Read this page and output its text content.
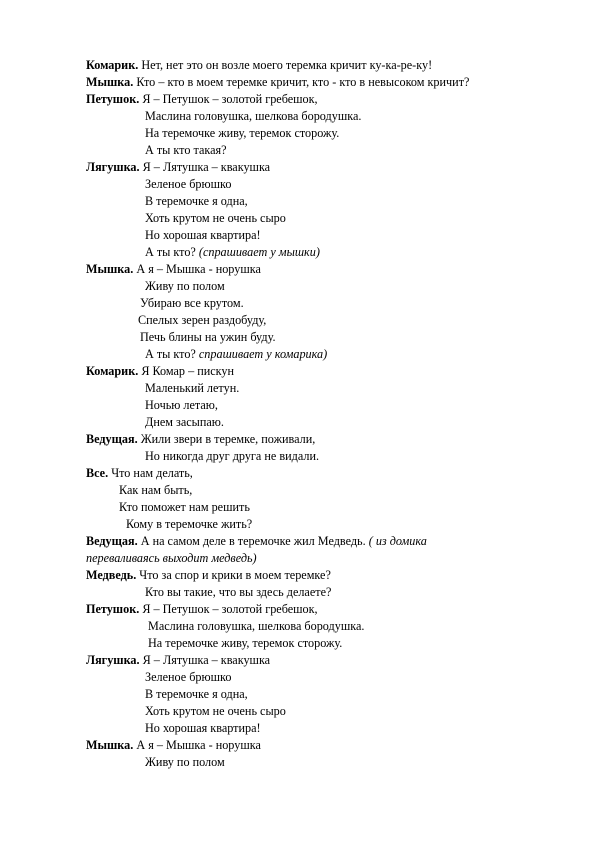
Комарик. Нет, нет это он возле моего теремка кричит ку-ка-ре-ку!
Мышка. Кто – кто в моем теремке кричит, кто - кто в невысоком кричит?
Петушок. Я – Петушок – золотой гребешок,
Маслина головушка, шелкова бородушка.
На теремочке живу, теремок сторожу.
А ты кто такая?
Лягушка. Я – Лятушка – квакушка
Зеленое брюшко
В теремочке я одна,
Хоть крутом не очень сыро
Но хорошая квартира!
А ты кто? (спрашивает у мышки)
Мышка. А я – Мышка - норушка
Живу по полом
Убираю все крутом.
Спелых зерен раздобуду,
Печь блины на ужин буду.
А ты кто? спрашивает у комарика)
Комарик. Я Комар – пискун
Маленький летун.
Ночью летаю,
Днем засыпаю.
Ведущая. Жили звери в теремке, поживали,
Но никогда друг друга не видали.
Все. Что нам делать,
Как нам быть,
Кто поможет нам решить
Кому в теремочке жить?
Ведущая. А на самом деле в теремочке жил Медведь. ( из домика
переваливаясь выходит медведь)
Медведь. Что за спор и крики в моем теремке?
Кто вы такие, что вы здесь делаете?
Петушок. Я – Петушок – золотой гребешок,
Маслина головушка, шелкова бородушка.
На теремочке живу, теремок сторожу.
Лягушка. Я – Лятушка – квакушка
Зеленое брюшко
В теремочке я одна,
Хоть крутом не очень сыро
Но хорошая квартира!
Мышка. А я – Мышка - норушка
Живу по полом
